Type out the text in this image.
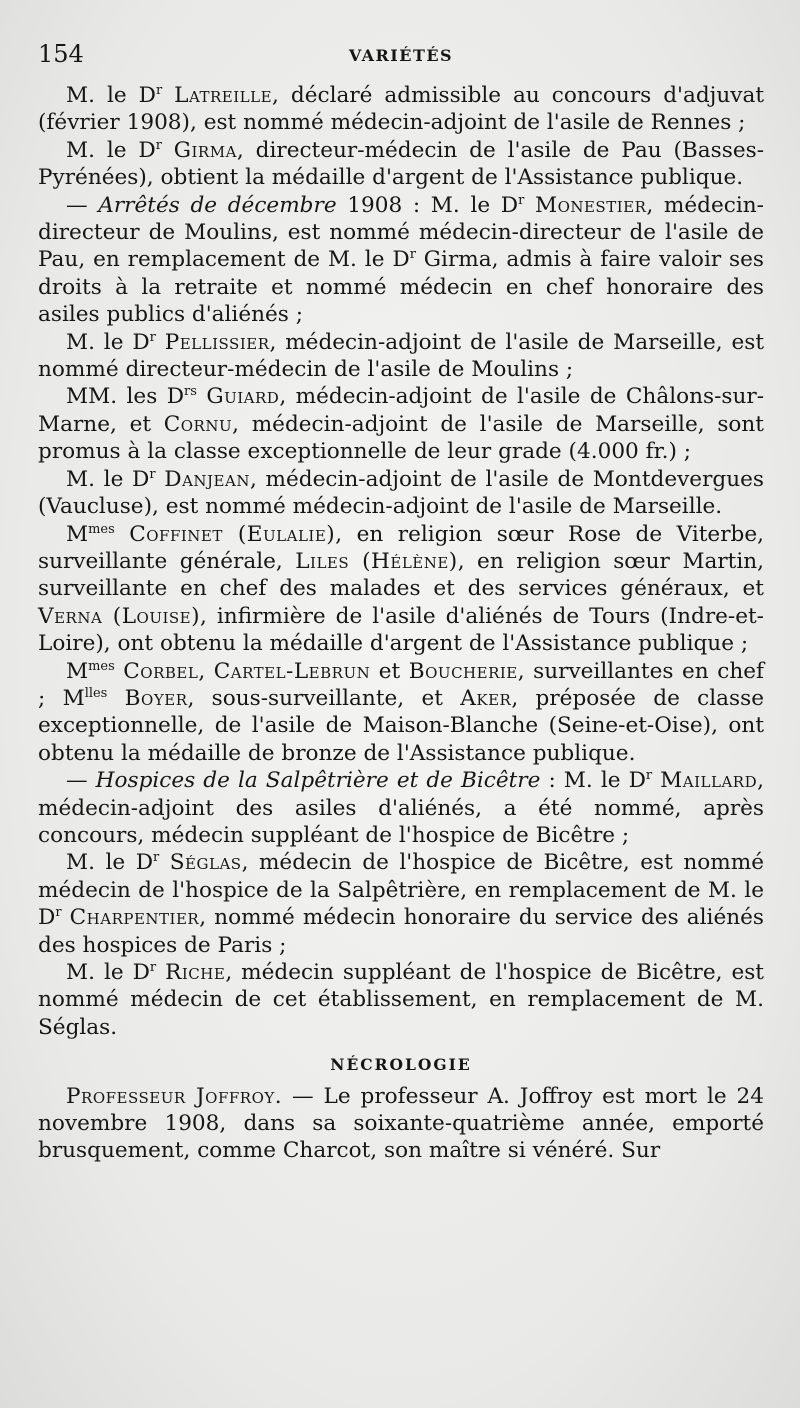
154	VARIÉTÉS

M. le $D^r$ Latreille, déclaré admissible au concours d'adjuvat (février 1908), est nommé médecin-adjoint de l'asile de Rennes ;

M. le $D^r$ Girma, directeur-médecin de l'asile de Pau (Basses-Pyrénées), obtient la médaille d'argent de l'Assistance publique.

— Arrêtés de décembre 1908 : M. le $D^r$ Monestier, médecin-directeur de Moulins, est nommé médecin-directeur de l'asile de Pau, en remplacement de M. le $D^r$ Girma, admis à faire valoir ses droits à la retraite et nommé médecin en chef honoraire des asiles publics d'aliénés ;

M. le $D^r$ Pellissier, médecin-adjoint de l'asile de Marseille, est nommé directeur-médecin de l'asile de Moulins ;

MM. les $D^{rs}$ Guiard, médecin-adjoint de l'asile de Châlons-sur-Marne, et Cornu, médecin-adjoint de l'asile de Marseille, sont promus à la classe exceptionnelle de leur grade (4.000 fr.) ;

M. le $D^r$ Danjean, médecin-adjoint de l'asile de Montdevergues (Vaucluse), est nommé médecin-adjoint de l'asile de Marseille.

$M^{mes}$ Coffinet (Eulalie), en religion sœur Rose de Viterbe, surveillante générale, Liles (Hélène), en religion sœur Martin, surveillante en chef des malades et des services généraux, et Verna (Louise), infirmière de l'asile d'aliénés de Tours (Indre-et-Loire), ont obtenu la médaille d'argent de l'Assistance publique ;

$M^{mes}$ Corbel, Cartel-Lebrun et Boucherie, surveillantes en chef ; $M^{lles}$ Boyer, sous-surveillante, et Aker, préposée de classe exceptionnelle, de l'asile de Maison-Blanche (Seine-et-Oise), ont obtenu la médaille de bronze de l'Assistance publique.

— Hospices de la Salpêtrière et de Bicêtre : M. le $D^r$ Maillard, médecin-adjoint des asiles d'aliénés, a été nommé, après concours, médecin suppléant de l'hospice de Bicêtre ;

M. le $D^r$ Séglas, médecin de l'hospice de Bicêtre, est nommé médecin de l'hospice de la Salpêtrière, en remplacement de M. le $D^r$ Charpentier, nommé médecin honoraire du service des aliénés des hospices de Paris ;

M. le $D^r$ Riche, médecin suppléant de l'hospice de Bicêtre, est nommé médecin de cet établissement, en remplacement de M. Séglas.

NÉCROLOGIE

Professeur Joffroy. — Le professeur A. Joffroy est mort le 24 novembre 1908, dans sa soixante-quatrième année, emporté brusquement, comme Charcot, son maître si vénéré. Sur
